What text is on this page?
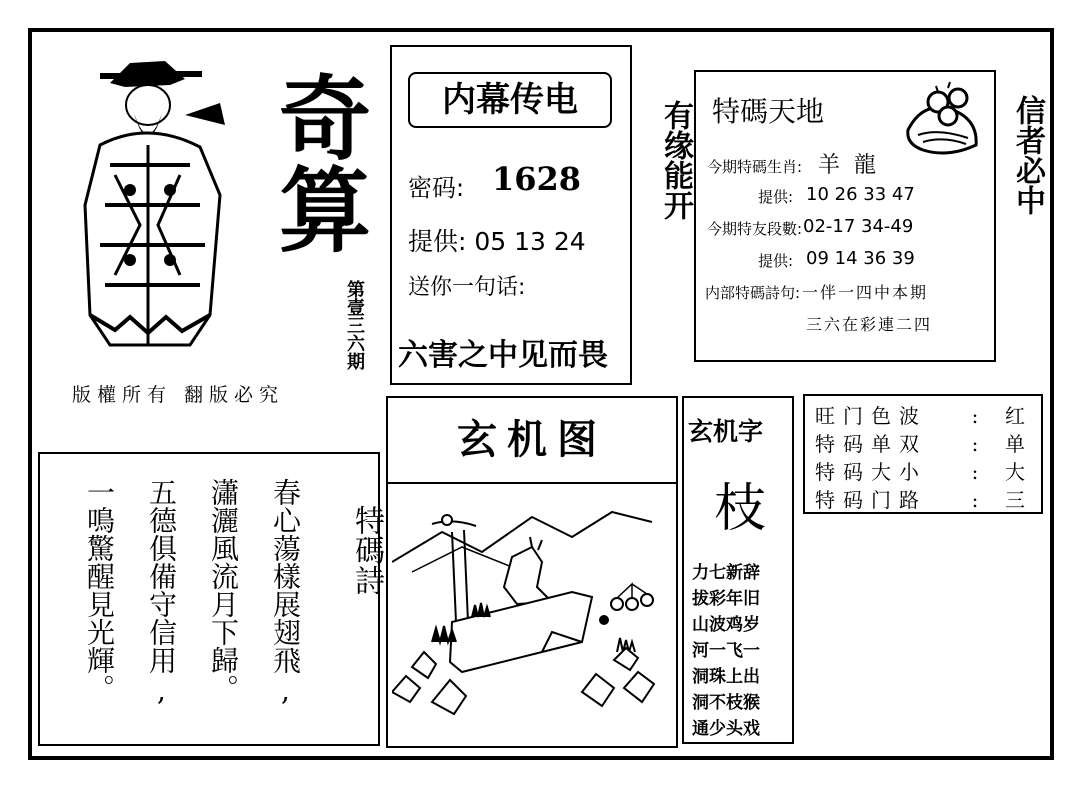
奇算
第壹三六期
版權所有 翻版必究
内幕传电
密码: 1628
提供: 05 13 24
送你一句话:
六害之中见而畏
有缘能开	信者必中
特碼天地
今期特碼生肖: 羊龍
提供: 10 26 33 47
今期特友段數: 02-17 34-49
提供: 09 14 36 39
内部特碼詩句: 一伴一四中本期
三六在彩連二四
旺门色波 : 红
特码单双 : 单
特码大小 : 大
特码门路 : 三
特碼詩
春心蕩樣展翅飛,
瀟灑風流月下歸。
五德俱備守信用,
一鳴驚醒見光輝。
玄机图	玄机字
枝
力七新辞
拔彩年旧
山波鸡岁
河一飞一
洞珠上出
洞不枝猴
通少头戏
